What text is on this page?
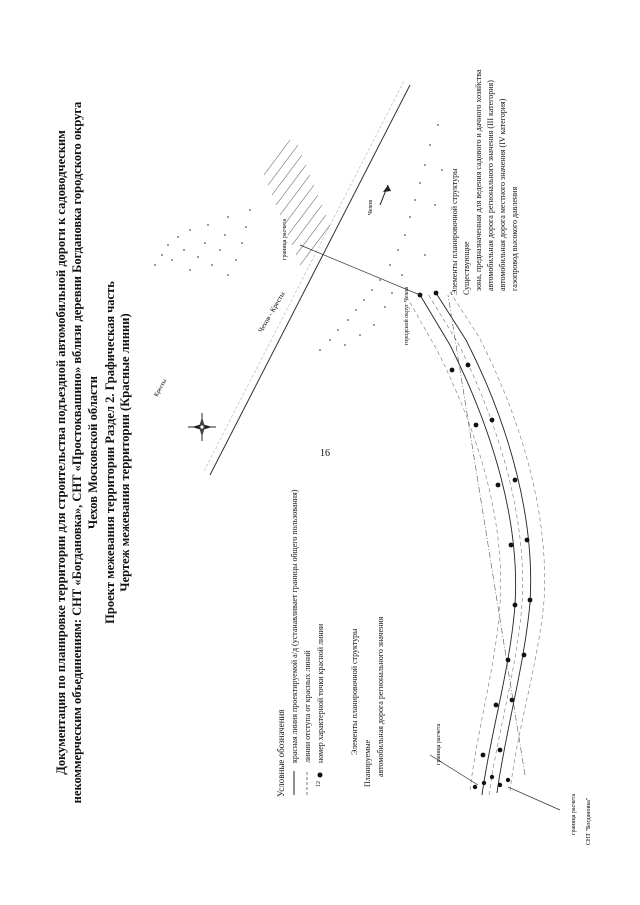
16
Документация по планировке территории для строительства подъездной автомобильной дороги к садоводческим некоммерческим объединениям: СНТ «Богдановка», СНТ «Простоквашино» вблизи деревни Богдановка городского округа Чехов Московской области Проект межевания территории Раздел 2. Графическая часть Чертеж межевания территории (Красные линии)
граница расчета
граница расчета
граница расчета СНТ "Богдановка"
Чехов - Кресты
Кресты
Чехов
городской округ Чехов
Условные обозначения	12
красная линия проектируемой а/д (устанавливает границы общего пользования) линии отступа от красных линий номер характерной точки красной линии	Элементы планировочной структуры
Планируемые автомобильная дорога регионального значения
Элементы планировочной структуры Существующие зона, предназначенная для ведения садового и дачного хозяйства автомобильная дорога регионального значения (III категория) автомобильная дорога местного значения (IV категория) газопровод высокого давления
